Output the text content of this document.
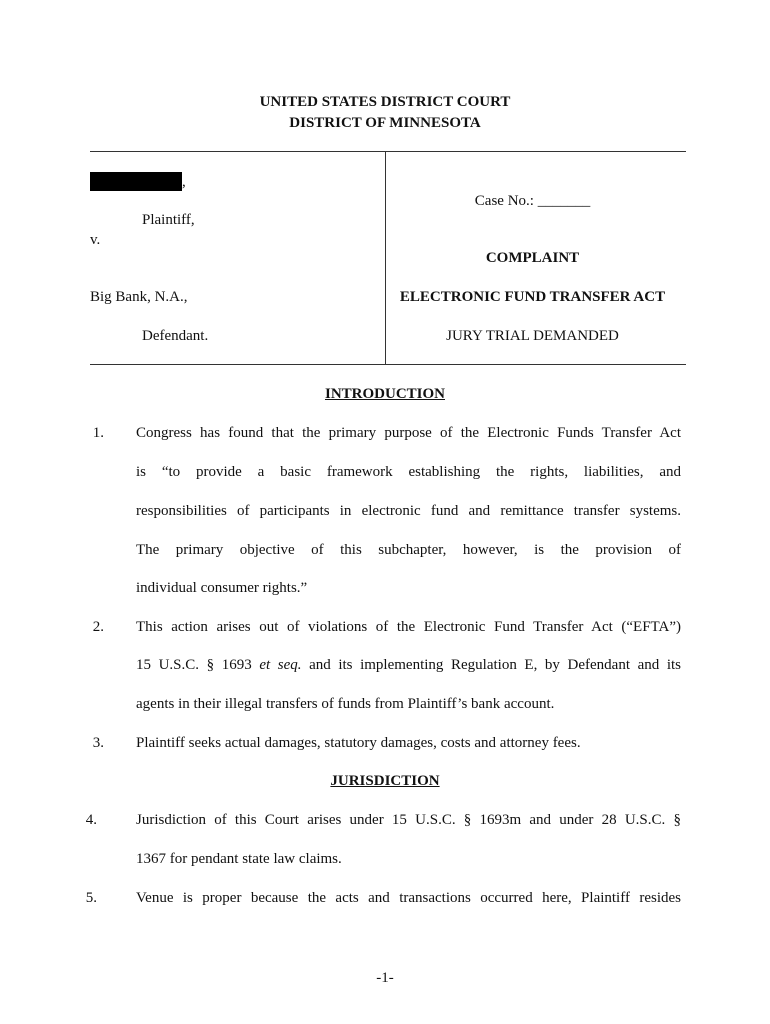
UNITED STATES DISTRICT COURT
DISTRICT OF MINNESOTA
,
Plaintiff,
v.
Big Bank, N.A.,
Defendant.
Case No.: _______
COMPLAINT
ELECTRONIC FUND TRANSFER ACT
JURY TRIAL DEMANDED
INTRODUCTION
1. Congress has found that the primary purpose of the Electronic Funds Transfer Act
is “to provide a basic framework establishing the rights, liabilities, and
responsibilities of participants in electronic fund and remittance transfer systems.
The primary objective of this subchapter, however, is the provision of
individual consumer rights.”
2. This action arises out of violations of the Electronic Fund Transfer Act (“EFTA”)
15 U.S.C. § 1693 et seq. and its implementing Regulation E, by Defendant and its
agents in their illegal transfers of funds from Plaintiff’s bank account.
3. Plaintiff seeks actual damages, statutory damages, costs and attorney fees.
JURISDICTION
4.	Jurisdiction of this Court arises under 15 U.S.C. § 1693m and under 28 U.S.C. §
1367 for pendant state law claims.
5.	Venue is proper because the acts and transactions occurred here, Plaintiff resides
-1-
